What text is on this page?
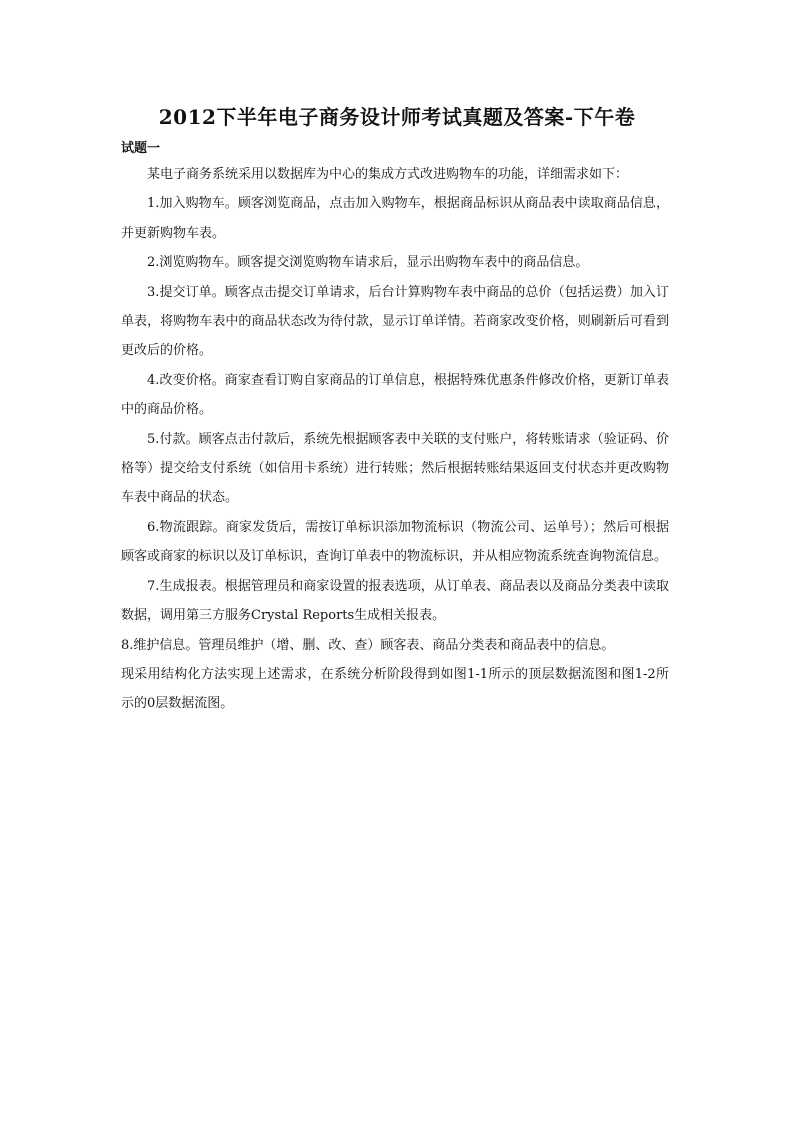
2012下半年电子商务设计师考试真题及答案-下午卷
试题一

某电子商务系统采用以数据库为中心的集成方式改进购物车的功能，详细需求如下：

1.加入购物车。顾客浏览商品，点击加入购物车，根据商品标识从商品表中读取商品信息，并更新购物车表。

2.浏览购物车。顾客提交浏览购物车请求后，显示出购物车表中的商品信息。

3.提交订单。顾客点击提交订单请求，后台计算购物车表中商品的总价（包括运费）加入订单表，将购物车表中的商品状态改为待付款，显示订单详情。若商家改变价格，则刷新后可看到更改后的价格。

4.改变价格。商家查看订购自家商品的订单信息，根据特殊优惠条件修改价格，更新订单表中的商品价格。

5.付款。顾客点击付款后，系统先根据顾客表中关联的支付账户，将转账请求（验证码、价格等）提交给支付系统（如信用卡系统）进行转账；然后根据转账结果返回支付状态并更改购物车表中商品的状态。

6.物流跟踪。商家发货后，需按订单标识添加物流标识（物流公司、运单号）；然后可根据顾客或商家的标识以及订单标识，查询订单表中的物流标识，并从相应物流系统查询物流信息。

7.生成报表。根据管理员和商家设置的报表选项，从订单表、商品表以及商品分类表中读取数据，调用第三方服务Crystal Reports生成相关报表。

8.维护信息。管理员维护（增、删、改、查）顾客表、商品分类表和商品表中的信息。

现采用结构化方法实现上述需求，在系统分析阶段得到如图1-1所示的顶层数据流图和图1-2所示的0层数据流图。
